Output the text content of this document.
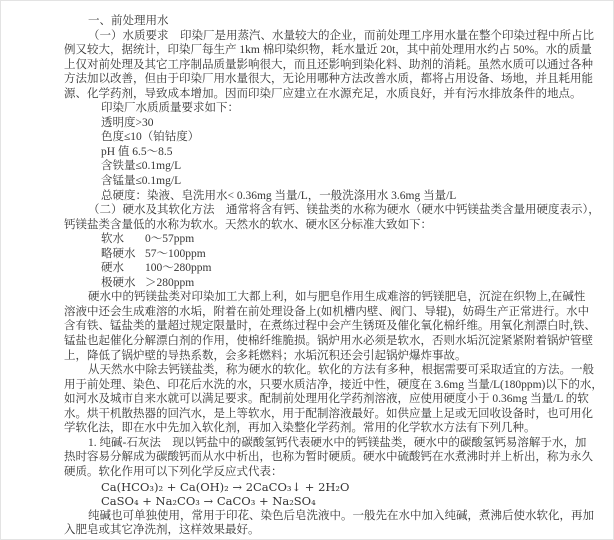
一、前处理用水
（一）水质要求　印染厂是用蒸汽、水量较大的企业，而前处理工序用水量在整个印染过程中所占比
例又较大，据统计，印染厂每生产 1km 棉印染织物，耗水量近 20t，其中前处理用水约占 50%。水的质量
上仅对前处理及其它工序制品质量影响很大，而且还影响到染化料、助剂的消耗。虽然水质可以通过各种
方法加以改善，但由于印染厂用水量很大，无论用哪种方法改善水质，都将占用设备、场地，并且耗用能
源、化学药剂，导致成本增加。因而印染厂应建立在水源充足，水质良好，并有污水排放条件的地点。
印染厂水质质量要求如下：
透明度>30
色度≤10（铂钴度）
pH 值 6.5～8.5
含铁量≤0.1mg/L
含锰量≤0.1mg/L
总硬度：染液、皂洗用水< 0.36mg 当量/L，一般洗涤用水 3.6mg 当量/L
（二）硬水及其软化方法　通常将含有钙、镁盐类的水称为硬水（硬水中钙镁盐类含量用硬度表示），
钙镁盐类含量低的水称为软水。天然水的软水、硬水区分标准大致如下：
软水	0～57ppm
略硬水 57～100ppm
硬水	100～280ppm
极硬水 ＞280ppm
硬水中的钙镁盐类对印染加工大都上利，如与肥皂作用生成难溶的钙镁肥皂，沉淀在织物上,在碱性
溶液中还会生成难溶的水垢，附着在前处理设备上(如机槽内壁、阀门、导辊)，妨碍生产正常进行。水中
含有铁、锰盐类的量超过规定限量时，在煮练过程中会产生锈斑及催化氧化棉纤维。用氧化剂漂白时,铁、
锰盐也起催化分解漂白剂的作用，使棉纤维脆损。锅炉用水必须是软水，否则水垢沉淀紧紧附着锅炉管壁
上，降低了锅炉壁的导热系数，会多耗燃料；水垢沉积还会引起锅炉爆炸事故。
从天然水中除去钙镁盐类，称为硬水的软化。软化的方法有多种，根据需要可采取适宜的方法。一般
用于前处理、染色、印花后水洗的水，只要水质洁净，接近中性，硬度在 3.6mg 当量/L(180ppm)以下的水，
如河水及城市自来水就可以满足要求。配制前处理用化学药剂溶液，应使用硬度小于 0.36mg 当量/L 的软
水。烘干机散热器的回汽水，是上等软水，用于配制溶液最好。如供应量上足或无回收设备时，也可用化
学软化法，即在水中先加入软化剂，再加入染整化学药剂。常用的化学软水方法有下列几种。
1. 纯碱-石灰法　现以钙盐中的碳酸氢钙代表硬水中的钙镁盐类，硬水中的碳酸氢钙易溶解于水，加
热时容易分解成为碳酸钙而从水中析出，也称为暂时硬质。硬水中硫酸钙在水煮沸时并上析出，称为永久
硬质。软化作用可以下列化学反应式代表：
Ca(HCO₃)₂ + Ca(OH)₂ → 2CaCO₃↓ + 2H₂O
CaSO₄ + Na₂CO₃ → CaCO₃ + Na₂SO₄
纯碱也可单独使用，常用于印花、染色后皂洗液中。一般先在水中加入纯碱，煮沸后使水软化，再加
入肥皂或其它净洗剂，这样效果最好。
